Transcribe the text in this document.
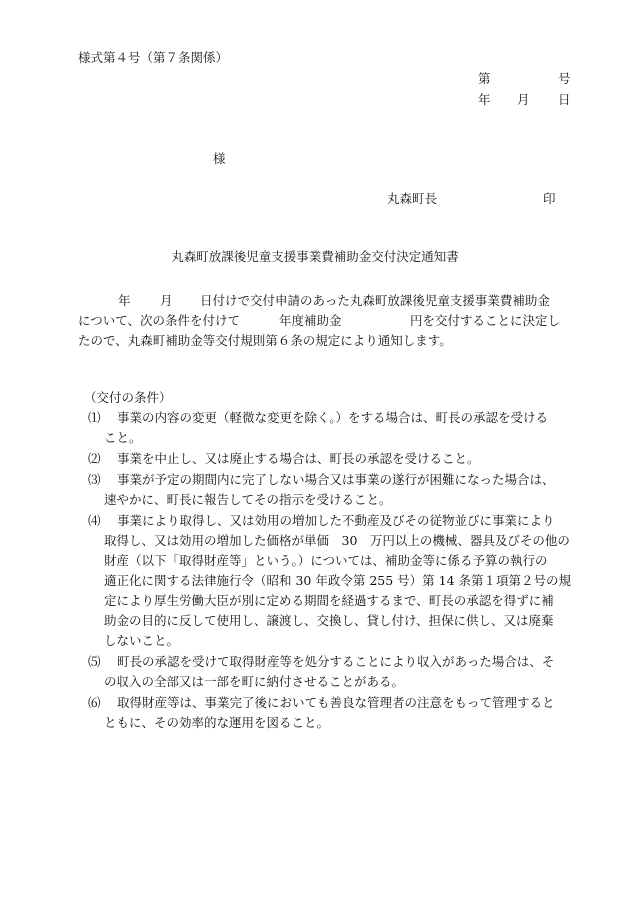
様式第４号（第７条関係）
第	号
年 月 日
様
丸森町長	印
丸森町放課後児童支援事業費補助金交付決定通知書
年 月 日付けで交付申請のあった丸森町放課後児童支援事業費補助金
について、次の条件を付けて	年度補助金	円を交付することに決定し
たので、丸森町補助金等交付規則第６条の規定により通知します。
（交付の条件）
⑴ 事業の内容の変更（軽微な変更を除く。）をする場合は、町長の承認を受ける
こと。
⑵ 事業を中止し、又は廃止する場合は、町長の承認を受けること。
⑶ 事業が予定の期間内に完了しない場合又は事業の遂行が困難になった場合は、
速やかに、町長に報告してその指示を受けること。
⑷ 事業により取得し、又は効用の増加した不動産及びその従物並びに事業により
取得し、又は効用の増加した価格が単価　30　万円以上の機械、器具及びその他の
財産（以下「取得財産等」という。）については、補助金等に係る予算の執行の
適正化に関する法律施行令（昭和 30 年政令第 255 号）第 14 条第１項第２号の規
定により厚生労働大臣が別に定める期間を経過するまで、町長の承認を得ずに補
助金の目的に反して使用し、譲渡し、交換し、貸し付け、担保に供し、又は廃棄
しないこと。
⑸ 町長の承認を受けて取得財産等を処分することにより収入があった場合は、そ
の収入の全部又は一部を町に納付させることがある。
⑹ 取得財産等は、事業完了後においても善良な管理者の注意をもって管理すると
ともに、その効率的な運用を図ること。
